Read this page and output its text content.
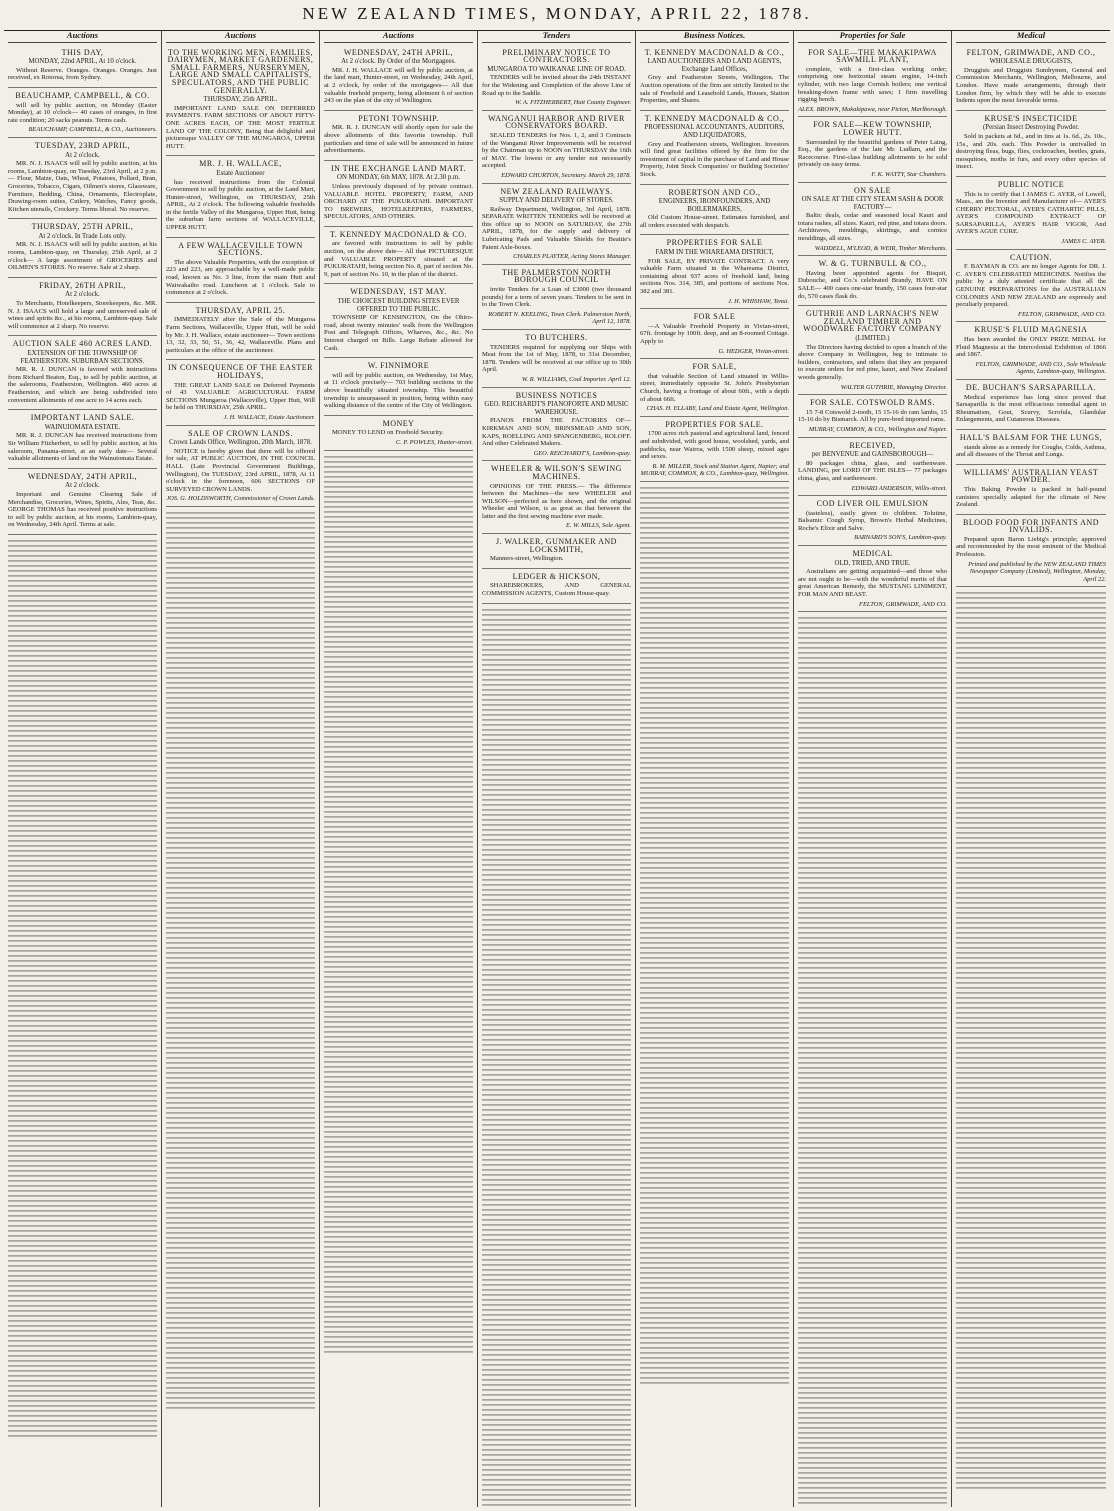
NEW ZEALAND TIMES, MONDAY, APRIL 22, 1878.
Auctions
THIS DAY,
MONDAY, 22nd APRIL, At 10 o'clock.
Without Reserve. Oranges. Oranges. Oranges. Just received, ex Rotorua, from Sydney.
BEAUCHAMP, CAMPBELL, & CO.
will sell by public auction, on Monday (Easter Monday), at 10 o'clock— 40 cases of oranges, in first rate condition; 20 sacks peanuts. Terms cash.
BEAUCHAMP, CAMPBELL, & CO., Auctioneers.
TUESDAY, 23RD APRIL,
At 2 o'clock.
MR. N. J. ISAACS will sell by public auction, at his rooms, Lambton-quay, on Tuesday, 23rd April, at 2 p.m.— Flour, Maize, Oats, Wheat, Potatoes, Pollard, Bran, Groceries, Tobacco, Cigars, Oilmen's stores, Glassware, Furniture, Bedding, China, Ornaments, Electroplate, Drawing-room suites, Cutlery, Watches, Fancy goods, Kitchen utensils, Crockery. Terms liberal. No reserve.
THURSDAY, 25TH APRIL,
At 2 o'clock. In Trade Lots only.
MR. N. J. ISAACS will sell by public auction, at his rooms, Lambton-quay, on Thursday, 25th April, at 2 o'clock— A large assortment of GROCERIES and OILMEN'S STORES. No reserve. Sale at 2 sharp.
FRIDAY, 26TH APRIL,
At 2 o'clock.
To Merchants, Hotelkeepers, Storekeepers, &c. MR. N. J. ISAACS will hold a large and unreserved sale of wines and spirits &c., at his rooms, Lambton-quay. Sale will commence at 2 sharp. No reserve.
AUCTION SALE 460 ACRES LAND.
EXTENSION OF THE TOWNSHIP OF FEATHERSTON. SUBURBAN SECTIONS.
MR. R. J. DUNCAN is favored with instructions from Richard Beaton, Esq., to sell by public auction, at the salerooms, Featherston, Wellington. 460 acres at Featherston, and which are being subdivided into convenient allotments of one acre to 14 acres each.
IMPORTANT LAND SALE.
WAINUIOMATA ESTATE.
MR. R. J. DUNCAN has received instructions from Sir William Fitzherbert, to sell by public auction, at his saleroom, Panama-street, at an early date— Several valuable allotments of land on the Wainuiomata Estate.
WEDNESDAY, 24TH APRIL,
At 2 o'clock.
Important and Genuine Clearing Sale of Merchandise, Groceries, Wines, Spirits, Ales, Teas, &c. GEORGE THOMAS has received positive instructions to sell by public auction, at his rooms, Lambton-quay, on Wednesday, 24th April. Terms at sale.
Auctions
TO THE WORKING MEN, FAMILIES, DAIRYMEN, MARKET GARDENERS, SMALL FARMERS, NURSERYMEN, LARGE AND SMALL CAPITALISTS, SPECULATORS, AND THE PUBLIC GENERALLY.
THURSDAY, 25th APRIL.
IMPORTANT LAND SALE ON DEFERRED PAYMENTS. FARM SECTIONS OF ABOUT FIFTY-ONE ACRES EACH, OF THE MOST FERTILE LAND OF THE COLONY, Being that delightful and picturesque VALLEY OF THE MUNGAROA, UPPER HUTT.
MR. J. H. WALLACE,
Estate Auctioneer
has received instructions from the Colonial Government to sell by public auction, at the Land Mart, Hunter-street, Wellington, on THURSDAY, 25th APRIL, At 2 o'clock. The following valuable freeholds in the fertile Valley of the Mungaroa, Upper Hutt, being the suburban farm sections of WALLACEVILLE, UPPER HUTT.
A FEW WALLACEVILLE TOWN SECTIONS.
The above Valuable Properties, with the exception of 223 and 223, are approachable by a well-made public road, known as No. 3 line, from the main Hutt and Waiwakaiho road. Luncheon at 1 o'clock. Sale to commence at 2 o'clock.
THURSDAY, APRIL 25.
IMMEDIATELY after the Sale of the Mungaroa Farm Sections, Wallaceville, Upper Hutt, will be sold by Mr. J. H. Wallace, estate auctioneer— Town sections 13, 32, 33, 50, 51, 36, 42, Wallaceville. Plans and particulars at the office of the auctioneer.
IN CONSEQUENCE OF THE EASTER HOLIDAYS,
THE GREAT LAND SALE on Deferred Payments of 43 VALUABLE AGRICULTURAL FARM SECTIONS Mungaroa (Wallaceville), Upper Hutt, Will be held on THURSDAY, 25th APRIL.
J. H. WALLACE, Estate Auctioneer.
SALE OF CROWN LANDS.
Crown Lands Office, Wellington, 20th March, 1878.
NOTICE is hereby given that there will be offered for sale, AT PUBLIC AUCTION, IN THE COUNCIL HALL (Late Provincial Government Buildings, Wellington), On TUESDAY, 23rd APRIL, 1878, At 11 o'clock in the forenoon, 606 SECTIONS OF SURVEYED CROWN LANDS.
JOS. G. HOLDSWORTH, Commissioner of Crown Lands.
Auctions
WEDNESDAY, 24TH APRIL,
At 2 o'clock. By Order of the Mortgagees.
MR. J. H. WALLACE will sell by public auction, at the land mart, Hunter-street, on Wednesday, 24th April, at 2 o'clock, by order of the mortgagees— All that valuable freehold property, being allotment 6 of section 243 on the plan of the city of Wellington.
PETONI TOWNSHIP.
MR. R. J. DUNCAN will shortly open for sale the above allotments of this favorite township. Full particulars and time of sale will be announced in future advertisements.
IN THE EXCHANGE LAND MART.
ON MONDAY, 6th MAY, 1878. At 2.30 p.m.
Unless previously disposed of by private contract. VALUABLE HOTEL PROPERTY, FARM, AND ORCHARD AT THE PUKURATAHI. IMPORTANT TO BREWERS, HOTELKEEPERS, FARMERS, SPECULATORS, AND OTHERS.
T. KENNEDY MACDONALD & CO.
are favored with instructions to sell by public auction, on the above date— All that PICTURESQUE and VALUABLE PROPERTY situated at the PUKURATAHI, being section No. 8, part of section No. 9, part of section No. 10, in the plan of the district.
WEDNESDAY, 1ST MAY.
THE CHOICEST BUILDING SITES EVER OFFERED TO THE PUBLIC.
TOWNSHIP OF KENSINGTON, On the Ohiro-road, about twenty minutes' walk from the Wellington Post and Telegraph Offices, Wharves, &c., &c. No Interest charged on Bills. Large Rebate allowed for Cash.
W. FINNIMORE
will sell by public auction, on Wednesday, 1st May, at 11 o'clock precisely— 703 building sections in the above beautifully situated township. This beautiful township is unsurpassed in position, being within easy walking distance of the centre of the City of Wellington.
MONEY
MONEY TO LEND on Freehold Security.
C. P. POWLES, Hunter-street.
Tenders
PRELIMINARY NOTICE TO CONTRACTORS.
MUNGAROA TO WAIKANAE LINE OF ROAD.
TENDERS will be invited about the 24th INSTANT for the Widening and Completion of the above Line of Road up to the Saddle.
W. A. FITZHERBERT, Hutt County Engineer.
WANGANUI HARBOR AND RIVER CONSERVATORS BOARD.
SEALED TENDERS for Nos. 1, 2, and 3 Contracts of the Wanganui River Improvements will be received by the Chairman up to NOON on THURSDAY the 16th of MAY. The lowest or any tender not necessarily accepted.
EDWARD CHURTON, Secretary. March 29, 1878.
NEW ZEALAND RAILWAYS.
SUPPLY AND DELIVERY OF STORES.
Railway Department, Wellington, 3rd April, 1878. SEPARATE WRITTEN TENDERS will be received at this office up to NOON on SATURDAY, the 27th APRIL, 1878, for the supply and delivery of Lubricating Pads and Valuable Shields for Beattie's Patent Axle-boxes.
CHARLES PLAYTER, Acting Stores Manager.
THE PALMERSTON NORTH BOROUGH COUNCIL
invite Tenders for a Loan of £3000 (two thousand pounds) for a term of seven years. Tenders to be sent in to the Town Clerk.
ROBERT N. KEELING, Town Clerk. Palmerston North, April 12, 1878.
TO BUTCHERS.
TENDERS required for supplying our Ships with Meat from the 1st of May, 1878, to 31st December, 1878. Tenders will be received at our office up to 30th April.
W. R. WILLIAMS, Coal Importer. April 12.
BUSINESS NOTICES
GEO. REICHARDT'S PIANOFORTE AND MUSIC WAREHOUSE.
PIANOS FROM THE FACTORIES OF— KIRKMAN AND SON, BRINSMEAD AND SON, KAPS, ROELLING AND SPANGENBERG, ROLOFF. And other Celebrated Makers.
GEO. REICHARDT'S, Lambton-quay.
WHEELER & WILSON'S SEWING MACHINES.
OPINIONS OF THE PRESS.— The difference between the Machines—the new WHEELER and WILSON—perfected as here shown, and the original Wheeler and Wilson, is as great as that between the latter and the first sewing machine ever made.
E. W. MILLS, Sole Agent.
J. WALKER, GUNMAKER AND LOCKSMITH,
Manners-street, Wellington.
LEDGER & HICKSON,
SHAREBROKERS, AND GENERAL COMMISSION AGENTS, Custom House-quay.
Business Notices.
T. KENNEDY MACDONALD & CO.,
LAND AUCTIONEERS AND LAND AGENTS, Exchange Land Offices,
Grey and Featherston Streets, Wellington. The Auction operations of the firm are strictly limited to the sale of Freehold and Leasehold Lands, Houses, Station Properties, and Shares.
T. KENNEDY MACDONALD & CO.,
PROFESSIONAL ACCOUNTANTS, AUDITORS, AND LIQUIDATORS,
Grey and Featherston streets, Wellington. Investors will find great facilities offered by the firm for the investment of capital in the purchase of Land and House Property, Joint Stock Companies' or Building Societies' Stock.
ROBERTSON AND CO.,
ENGINEERS, IRONFOUNDERS, AND BOILERMAKERS,
Old Custom House-street. Estimates furnished, and all orders executed with despatch.
PROPERTIES FOR SALE
FARM IN THE WHAREAMA DISTRICT,
FOR SALE, BY PRIVATE CONTRACT. A very valuable Farm situated in the Whareama District, containing about 937 acres of freehold land, being sections Nos. 314, 385, and portions of sections Nos. 382 and 381.
J. H. WHISHAW, Tenui.
FOR SALE
—A Valuable Freehold Property in Vivian-street, 67ft. frontage by 100ft. deep, and an 8-roomed Cottage. Apply to
G. HEDGER, Vivian-street.
FOR SALE,
that valuable Section of Land situated in Willis-street, immediately opposite St. John's Presbyterian Church, having a frontage of about 60ft., with a depth of about 66ft.
CHAS. H. ELLABY, Land and Estate Agent, Wellington.
PROPERTIES FOR SALE.
1700 acres rich pastoral and agricultural land, fenced and subdivided, with good house, woolshed, yards, and paddocks, near Wairoa, with 1500 sheep, mixed ages and sexes.
R. M. MILLER, Stock and Station Agent, Napier; and MURRAY, COMMON, & CO., Lambton-quay, Wellington.
Properties for Sale
FOR SALE—THE MAKAKIPAWA SAWMILL PLANT,
complete, with a first-class working order; comprising one horizontal steam engine, 14-inch cylinder, with two large Cornish boilers; one vertical breaking-down frame with saws; 1 firm travelling rigging bench.
ALEX. BROWN, Makakipawa, near Picton, Marlborough.
FOR SALE—KEW TOWNSHIP, LOWER HUTT.
Surrounded by the beautiful gardens of Peter Laing, Esq., the gardens of the late Mr. Ludlam, and the Racecourse. First-class building allotments to be sold privately on easy terms.
F. K. WATTY, Star Chambers.
ON SALE
ON SALE AT THE CITY STEAM SASH & DOOR FACTORY—
Baltic deals, cedar and seasoned local Kauri and totara rashes, all sizes. Kauri, red pine, and totara doors. Architraves, mouldings, skirtings, and cornice mouldings, all sizes.
WADDELL, M'LEOD, & WEIR, Timber Merchants.
W. & G. TURNBULL & CO.,
Having been appointed agents for Bisquit, Dubouche, and Co.'s celebrated Brandy, HAVE ON SALE— 400 cases one-star brandy, 150 cases four-star do, 570 cases flask do.
GUTHRIE AND LARNACH'S NEW ZEALAND TIMBER AND WOODWARE FACTORY COMPANY
(LIMITED.)
The Directors having decided to open a branch of the above Company in Wellington, beg to intimate to builders, contractors, and others that they are prepared to execute orders for red pine, kauri, and New Zealand woods generally.
WALTER GUTHRIE, Managing Director.
FOR SALE. COTSWOLD RAMS.
15 7-8 Cotswold 2-tooth, 15 15-16 do ram lambs, 15 15-16 do by Bismarck. All by pure-bred imported rams.
MURRAY, COMMON, & CO., Wellington and Napier.
RECEIVED,
per BENVENUE and GAINSBOROUGH—
80 packages china, glass, and earthenware. LANDING, per LORD OF THE ISLES— 77 packages china, glass, and earthenware.
EDWARD ANDERSON, Willis-street.
COD LIVER OIL EMULSION
(tasteless), easily given to children. Tolutine, Balsamic Cough Syrup, Brown's Herbal Medicines, Roche's Elixir and Salve.
BARNARD'S SON'S, Lambton-quay.
MEDICAL
OLD, TRIED, AND TRUE.
Australians are getting acquainted—and those who are not ought to be—with the wonderful merits of that great American Remedy, the MUSTANG LINIMENT, FOR MAN AND BEAST.
FELTON, GRIMWADE, AND CO.
Medical
FELTON, GRIMWADE, AND CO.,
WHOLESALE DRUGGISTS,
Druggists and Druggists Sundrymen, General and Commission Merchants, Wellington, Melbourne, and London. Have made arrangements, through their London firm, by which they will be able to execute Indents upon the most favorable terms.
KRUSE'S INSECTICIDE
(Persian Insect Destroying Powder.
Sold in packets at 6d., and in tins at 1s. 6d., 2s. 10s., 15s., and 20s. each. This Powder is unrivalled in destroying fleas, bugs, flies, cockroaches, beetles, gnats, mosquitoes, moths in furs, and every other species of insect.
PUBLIC NOTICE
This is to certify that I JAMES C. AYER, of Lowell, Mass., am the Inventor and Manufacturer of— AYER'S CHERRY PECTORAL, AYER'S CATHARTIC PILLS, AYER'S COMPOUND EXTRACT OF SARSAPARILLA, AYER'S HAIR VIGOR, And AYER'S AGUE CURE.
JAMES C. AYER.
CAUTION.
F. BAYMAN & CO. are no longer Agents for DR. J. C. AYER'S CELEBRATED MEDICINES. Notifies the public by a duly attested certificate that all the GENUINE PREPARATIONS for the AUSTRALIAN COLONIES AND NEW ZEALAND are expressly and peculiarly prepared.
FELTON, GRIMWADE, AND CO.
KRUSE'S FLUID MAGNESIA
Has been awarded the ONLY PRIZE MEDAL for Fluid Magnesia at the Intercolonial Exhibition of 1866 and 1867.
FELTON, GRIMWADE, AND CO., Sole Wholesale Agents, Lambton-quay, Wellington.
DE. BUCHAN'S SARSAPARILLA.
Medical experience has long since proved that Sarsaparilla is the most efficacious remedial agent in Rheumatism, Gout, Scurvy, Scrofula, Glandular Enlargements, and Cutaneous Diseases.
HALL'S BALSAM FOR THE LUNGS,
stands alone as a remedy for Coughs, Colds, Asthma, and all diseases of the Throat and Lungs.
WILLIAMS' AUSTRALIAN YEAST POWDER.
This Baking Powder is packed in half-pound canisters specially adapted for the climate of New Zealand.
BLOOD FOOD FOR INFANTS AND INVALIDS.
Prepared upon Baron Liebig's principle; approved and recommended by the most eminent of the Medical Profession.
Printed and published by the NEW ZEALAND TIMES Newspaper Company (Limited), Wellington, Monday, April 22.
